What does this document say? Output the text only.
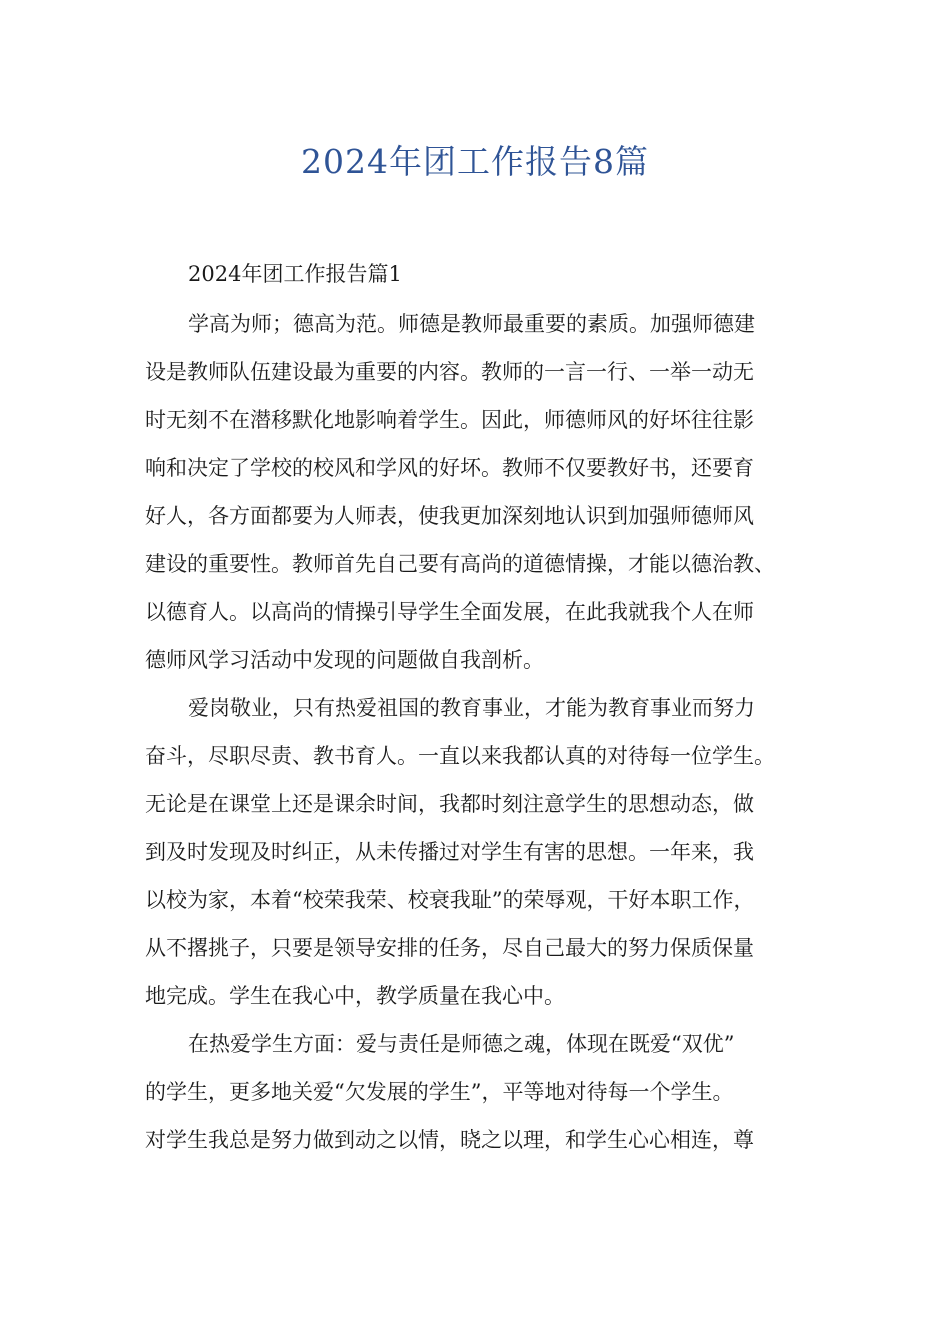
2024年团工作报告8篇
2024年团工作报告篇1
学高为师；德高为范。师德是教师最重要的素质。加强师德建
设是教师队伍建设最为重要的内容。教师的一言一行、一举一动无
时无刻不在潜移默化地影响着学生。因此，师德师风的好坏往往影
响和决定了学校的校风和学风的好坏。教师不仅要教好书，还要育
好人，各方面都要为人师表，使我更加深刻地认识到加强师德师风
建设的重要性。教师首先自己要有高尚的道德情操，才能以德治教、
以德育人。以高尚的情操引导学生全面发展，在此我就我个人在师
德师风学习活动中发现的问题做自我剖析。
爱岗敬业，只有热爱祖国的教育事业，才能为教育事业而努力
奋斗，尽职尽责、教书育人。一直以来我都认真的对待每一位学生。
无论是在课堂上还是课余时间，我都时刻注意学生的思想动态，做
到及时发现及时纠正，从未传播过对学生有害的思想。一年来，我
以校为家，本着“校荣我荣、校衰我耻”的荣辱观，干好本职工作，
从不撂挑子，只要是领导安排的任务，尽自己最大的努力保质保量
地完成。学生在我心中，教学质量在我心中。
在热爱学生方面：爱与责任是师德之魂，体现在既爱“双优”
的学生，更多地关爱“欠发展的学生”，平等地对待每一个学生。
对学生我总是努力做到动之以情，晓之以理，和学生心心相连，尊
